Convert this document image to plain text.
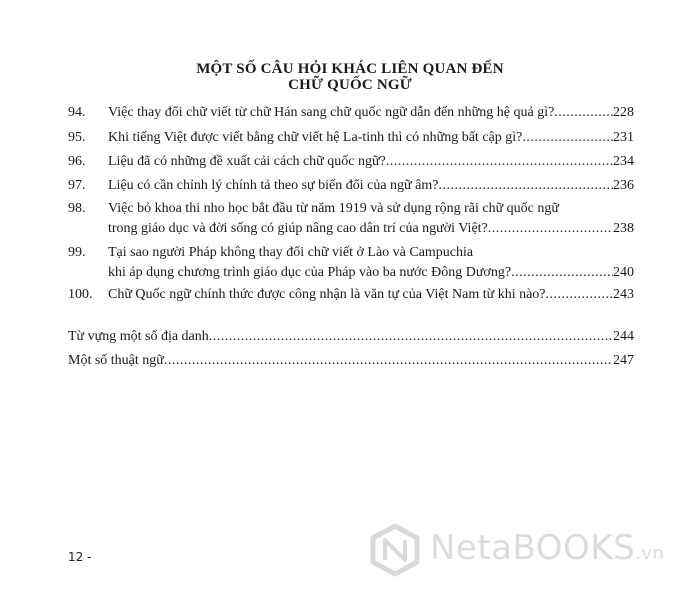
MỘT SỐ CÂU HỎI KHÁC LIÊN QUAN ĐẾN
CHỮ QUỐC NGỮ
94. Việc thay đổi chữ viết từ chữ Hán sang chữ quốc ngữ dẫn đến những hệ quả gì? .....	228
95. Khi tiếng Việt được viết bằng chữ viết hệ La-tinh thì có những bất cập gì? .....	231
96. Liệu đã có những đề xuất cải cách chữ quốc ngữ? .....	234
97. Liệu có cần chỉnh lý chính tả theo sự biến đổi của ngữ âm? .....	236
98. Việc bỏ khoa thi nho học bắt đầu từ năm 1919 và sử dụng rộng rãi chữ quốc ngữ
trong giáo dục và đời sống có giúp nâng cao dân trí của người Việt? .....	238
99. Tại sao người Pháp không thay đổi chữ viết ở Lào và Campuchia
khi áp dụng chương trình giáo dục của Pháp vào ba nước Đông Dương? .....	240
100. Chữ Quốc ngữ chính thức được công nhận là văn tự của Việt Nam từ khi nào? .....	243
Từ vựng một số địa danh .....	244
Một số thuật ngữ .....	247
12 -	NetaBOOKS.vn
